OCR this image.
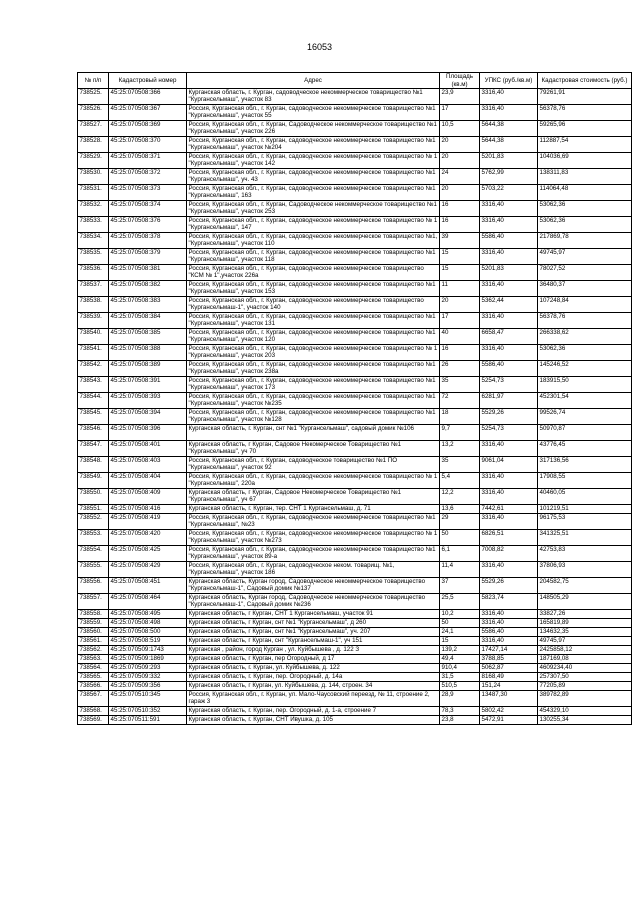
16053
№ п/п	Кадастровый номер	Адрес	Площадь (кв.м)	УПКС (руб./кв.м)	Кадастровая стоимость (руб.)
738525.	45:25:070508:366	Курганская область, г. Курган, садоводческое некоммерческое товарищество №1 "Кургансельмаш", участок 83	23,9	3316,40	79261,91
738526.	45:25:070508:367	Россия, Курганская обл., г. Курган, садоводческое некоммерческое товарищество №1 "Кургансельмаш", участок 55	17	3316,40	56378,76
738527.	45:25:070508:369	Россия, Курганская обл., г. Курган, Садоводческое некоммерческое товарищество №1 "Курганcельмаш", участок 226	10,5	5644,38	59265,96
738528.	45:25:070508:370	Россия, Курганская обл., г. Курган, садоводческое некоммерческое товарищество №1 "Курганcельмаш", участок №204	20	5644,38	112887,54
738529.	45:25:070508:371	Россия, Курганская обл., г. Курган, садоводческое некоммерческое товарищество № 1 "Курганcельмаш", участок 142	20	5201,83	104036,69
738530.	45:25:070508:372	Россия, Курганская обл., г. Курган, садоводческое некоммерческое товарищество №1 "Курганcельмаш", уч. 43	24	5762,99	138311,83
738531.	45:25:070508:373	Россия, Курганская обл., г. Курган, садоводческое некоммерческое товарищество №1 "Курганcельмаш", 163	20	5703,22	114064,48
738532.	45:25:070508:374	Россия, Курганская обл., г. Курган, Садоводческое некоммерческое товарищество №1 "Курганcельмаш", участок 253	16	3316,40	53062,36
738533.	45:25:070508:376	Россия, Курганская обл., г. Курган, садоводческое некоммерческое товарищество № 1 "Курганcельмаш", 147	16	3316,40	53062,36
738534.	45:25:070508:378	Россия, Курганская обл., г. Курган, садоводческое некоммерческое товарищество №1, "Курганcельмаш", участок 110	39	5586,40	217869,78
738535.	45:25:070508:379	Россия, Курганская обл., г. Курган, садоводческое некоммерческое товарищество №1 "Курганcельмаш", участок 118	15	3316,40	49745,97
738536.	45:25:070508:381	Россия, Курганская обл., г. Курган, садоводческое некоммерческое товарищество "КСМ № 1",участок 226а	15	5201,83	78027,52
738537.	45:25:070508:382	Россия, Курганская обл., г. Курган, садоводческое некоммерческое товарищество №1 "Курганcельмаш", участок 153	11	3316,40	36480,37
738538.	45:25:070508:383	Россия, Курганская обл., г. Курган, садоводческое некоммерческое товарищество "Курганcельмаш-1", участок 140	20	5362,44	107248,84
738539.	45:25:070508:384	Россия, Курганская обл., г. Курган, садоводческое некоммерческое товарищество №1 "Курганcельмаш", участок 131	17	3316,40	56378,76
738540.	45:25:070508:385	Россия, Курганская обл., г. Курган, садоводческое некоммерческое товарищество №1 "Курганcельмаш", участок 120	40	6658,47	266338,62
738541.	45:25:070508:388	Россия, Курганская обл., г. Курган, садоводческое некоммерческое товарищество № 1 "Курганcельмаш", участок 203	16	3316,40	53062,36
738542.	45:25:070508:389	Россия, Курганская обл., г. Курган, садоводческое некоммерческое товарищество №1 "Курганcельмаш", участок 238а	26	5586,40	145246,52
738543.	45:25:070508:391	Россия, Курганская обл., г. Курган, садоводческое некоммерческое товарищество №1 "Курганcельмаш", участок 173	35	5254,73	183915,50
738544.	45:25:070508:393	Россия, Курганская обл., г. Курган, садоводческое некоммерческое товарищество №1 "Курганcельмаш", участок №235	72	6281,97	452301,54
738545.	45:25:070508:394	Россия, Курганская обл., г. Курган, садоводческое некоммерческое товарищество №1 "Курганcельмаш", участок №128	18	5529,26	99526,74
738546.	45:25:070508:396	Курганская область, г. Курган, снт №1 "Курганcельмаш", садовый домик №106	9,7	5254,73	50970,87
738547.	45:25:070508:401	Курганская область, г Курган, Садовое Некомерческое Товарищество №1 "Курганcельмаш", уч 70	13,2	3316,40	43776,45
738548.	45:25:070508:403	Россия, Курганская обл., г. Курган, садоводческое товарищество №1 ПО "Курганcельмаш", участок 92	35	9061,04	317136,56
738549.	45:25:070508:404	Россия, Курганская обл., г. Курган, садоводческое некоммерческое товарищество № 1 "Курганcельмаш", 220а	5,4	3316,40	17908,55
738550.	45:25:070508:409	Курганская область, г Курган, Садовое Некомерческое Товарищество №1 "Курганcельмаш", уч 67	12,2	3316,40	40460,05
738551.	45:25:070508:416	Курганская область, г. Курган, тер. СНТ 1 Курганcельмаш, д. 71	13,6	7442,61	101219,51
738552.	45:25:070508:419	Россия, Курганская обл., г. Курган, садоводческое некоммерческое товарищество №1 "Курганcельмаш", №23	29	3316,40	96175,53
738553.	45:25:070508:420	Россия, Курганская обл., г. Курган, садоводческое некоммерческое товарищество № 1 "Курганcельмаш", участок №273	50	6826,51	341325,51
738554.	45:25:070508:425	Россия, Курганская обл., г. Курган, садоводческое некоммерческое товарищество №1 "Курганcельмаш", участок 89-а	6,1	7008,82	42753,83
738555.	45:25:070508:429	Россия, Курганская обл., г. Курган, садоводческое неком. товарищ. №1, "Курганcельмаш", участок 186	11,4	3316,40	37806,93
738556.	45:25:070508:451	Курганская область, Курган город, Садоводческое некоммерческое товарищество "Курганcельмаш-1", Садовый домик №137	37	5529,26	204582,75
738557.	45:25:070508:464	Курганская область, Курган город, Садоводческое некоммерческое товарищество "Курганcельмаш-1", Садовый домик №236	25,5	5823,74	148505,29
738558.	45:25:070508:495	Курганская область, г Курган, СНТ 1 Курганcельмаш, участок 91	10,2	3316,40	33827,26
738559.	45:25:070508:498	Курганская область, г Курган, снт №1 "Курганcельмаш", д 260	50	3316,40	165819,89
738560.	45:25:070508:500	Курганская область, г Курган, снт №1 "Курганcельмаш", уч. 207	24,1	5586,40	134632,35
738561.	45:25:070508:519	Курганская область, г Курган, снт "Курганcельмаш-1", уч 151	15	3316,40	49745,97
738562.	45:25:070509:1743	Курганская , район, город Курган , ул. Куйбышева , д. 122 З	139,2	17427,14	2425858,12
738563.	45:25:070509:1869	Курганская область, г Курган, пер Огородный, д 17	49,4	3788,85	187169,08
738564.	45:25:070509:293	Курганская область, г. Курган, ул. Куйбышева, д. 122	910,4	5062,87	4609234,40
738565.	45:25:070509:332	Курганская область, г. Курган, пер. Огородный, д. 14а	31,5	8168,49	257307,50
738566.	45:25:070509:356	Курганская область, г Курган, ул. Куйбышева, д. 144, строен. 34	510,5	151,24	77205,89
738567.	45:25:070510:345	Россия, Курганская обл., г. Курган, ул. Мало-Чаусовский переезд, № 11, строение 2, гараж 3	28,9	13487,30	389782,89
738568.	45:25:070510:352	Курганская область, г. Курган, пер. Огородный, д. 1-а, строение 7	78,3	5802,42	454329,10
738569.	45:25:070511:591	Курганская область, г. Курган, СНТ Ивушка, д. 105	23,8	5472,91	130255,34
